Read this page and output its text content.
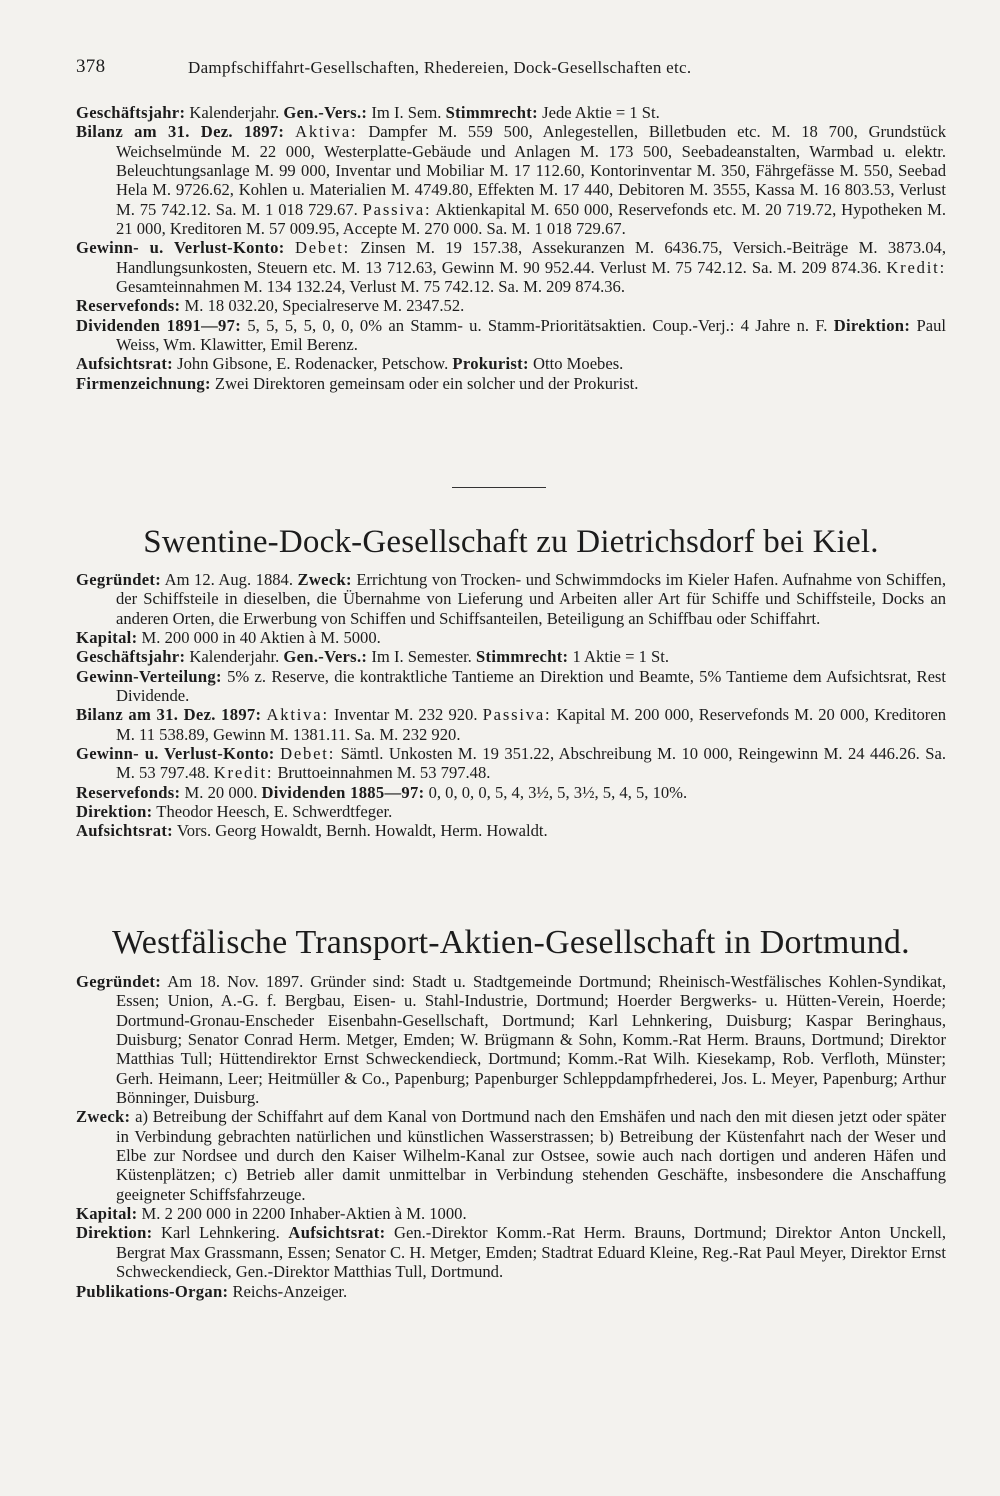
378	Dampfschiffahrt-Gesellschaften, Rhedereien, Dock-Gesellschaften etc.

Geschäftsjahr: Kalenderjahr. Gen.-Vers.: Im I. Sem. Stimmrecht: Jede Aktie = 1 St.

Bilanz am 31. Dez. 1897: Aktiva: Dampfer M. 559 500, Anlegestellen, Billetbuden etc. M. 18 700, Grundstück Weichselmünde M. 22 000, Westerplatte-Gebäude und Anlagen M. 173 500, Seebadeanstalten, Warmbad u. elektr. Beleuchtungsanlage M. 99 000, Inventar und Mobiliar M. 17 112.60, Kontorinventar M. 350, Fährgefässe M. 550, Seebad Hela M. 9726.62, Kohlen u. Materialien M. 4749.80, Effekten M. 17 440, Debitoren M. 3555, Kassa M. 16 803.53, Verlust M. 75 742.12. Sa. M. 1 018 729.67. Passiva: Aktienkapital M. 650 000, Reservefonds etc. M. 20 719.72, Hypotheken M. 21 000, Kreditoren M. 57 009.95, Accepte M. 270 000. Sa. M. 1 018 729.67.

Gewinn- u. Verlust-Konto: Debet: Zinsen M. 19 157.38, Assekuranzen M. 6436.75, Versich.-Beiträge M. 3873.04, Handlungsunkosten, Steuern etc. M. 13 712.63, Gewinn M. 90 952.44. Verlust M. 75 742.12. Sa. M. 209 874.36. Kredit: Gesamteinnahmen M. 134 132.24, Verlust M. 75 742.12. Sa. M. 209 874.36.

Reservefonds: M. 18 032.20, Specialreserve M. 2347.52.

Dividenden 1891—97: 5, 5, 5, 5, 0, 0, 0% an Stamm- u. Stamm-Prioritätsaktien. Coup.-Verj.: 4 Jahre n. F. Direktion: Paul Weiss, Wm. Klawitter, Emil Berenz.

Aufsichtsrat: John Gibsone, E. Rodenacker, Petschow. Prokurist: Otto Moebes.

Firmenzeichnung: Zwei Direktoren gemeinsam oder ein solcher und der Prokurist.

Swentine-Dock-Gesellschaft zu Dietrichsdorf bei Kiel.

Gegründet: Am 12. Aug. 1884. Zweck: Errichtung von Trocken- und Schwimmdocks im Kieler Hafen. Aufnahme von Schiffen, der Schiffsteile in dieselben, die Übernahme von Lieferung und Arbeiten aller Art für Schiffe und Schiffsteile, Docks an anderen Orten, die Erwerbung von Schiffen und Schiffsanteilen, Beteiligung an Schiffbau oder Schiffahrt.

Kapital: M. 200 000 in 40 Aktien à M. 5000.

Geschäftsjahr: Kalenderjahr. Gen.-Vers.: Im I. Semester. Stimmrecht: 1 Aktie = 1 St.

Gewinn-Verteilung: 5% z. Reserve, die kontraktliche Tantieme an Direktion und Beamte, 5% Tantieme dem Aufsichtsrat, Rest Dividende.

Bilanz am 31. Dez. 1897: Aktiva: Inventar M. 232 920. Passiva: Kapital M. 200 000, Reservefonds M. 20 000, Kreditoren M. 11 538.89, Gewinn M. 1381.11. Sa. M. 232 920.

Gewinn- u. Verlust-Konto: Debet: Sämtl. Unkosten M. 19 351.22, Abschreibung M. 10 000, Reingewinn M. 24 446.26. Sa. M. 53 797.48. Kredit: Bruttoeinnahmen M. 53 797.48.

Reservefonds: M. 20 000. Dividenden 1885—97: 0, 0, 0, 0, 5, 4, 3½, 5, 3½, 5, 4, 5, 10%.

Direktion: Theodor Heesch, E. Schwerdtfeger.

Aufsichtsrat: Vors. Georg Howaldt, Bernh. Howaldt, Herm. Howaldt.

Westfälische Transport-Aktien-Gesellschaft in Dortmund.

Gegründet: Am 18. Nov. 1897. Gründer sind: Stadt u. Stadtgemeinde Dortmund; Rheinisch-Westfälisches Kohlen-Syndikat, Essen; Union, A.-G. f. Bergbau, Eisen- u. Stahl-Industrie, Dortmund; Hoerder Bergwerks- u. Hütten-Verein, Hoerde; Dortmund-Gronau-Enscheder Eisenbahn-Gesellschaft, Dortmund; Karl Lehnkering, Duisburg; Kaspar Beringhaus, Duisburg; Senator Conrad Herm. Metger, Emden; W. Brügmann & Sohn, Komm.-Rat Herm. Brauns, Dortmund; Direktor Matthias Tull; Hüttendirektor Ernst Schweckendieck, Dortmund; Komm.-Rat Wilh. Kiesekamp, Rob. Verfloth, Münster; Gerh. Heimann, Leer; Heitmüller & Co., Papenburg; Papenburger Schleppdampfrhederei, Jos. L. Meyer, Papenburg; Arthur Bönninger, Duisburg.

Zweck: a) Betreibung der Schiffahrt auf dem Kanal von Dortmund nach den Emshäfen und nach den mit diesen jetzt oder später in Verbindung gebrachten natürlichen und künstlichen Wasserstrassen; b) Betreibung der Küstenfahrt nach der Weser und Elbe zur Nordsee und durch den Kaiser Wilhelm-Kanal zur Ostsee, sowie auch nach dortigen und anderen Häfen und Küstenplätzen; c) Betrieb aller damit unmittelbar in Verbindung stehenden Geschäfte, insbesondere die Anschaffung geeigneter Schiffsfahrzeuge.

Kapital: M. 2 200 000 in 2200 Inhaber-Aktien à M. 1000.

Direktion: Karl Lehnkering. Aufsichtsrat: Gen.-Direktor Komm.-Rat Herm. Brauns, Dortmund; Direktor Anton Unckell, Bergrat Max Grassmann, Essen; Senator C. H. Metger, Emden; Stadtrat Eduard Kleine, Reg.-Rat Paul Meyer, Direktor Ernst Schweckendieck, Gen.-Direktor Matthias Tull, Dortmund.

Publikations-Organ: Reichs-Anzeiger.
